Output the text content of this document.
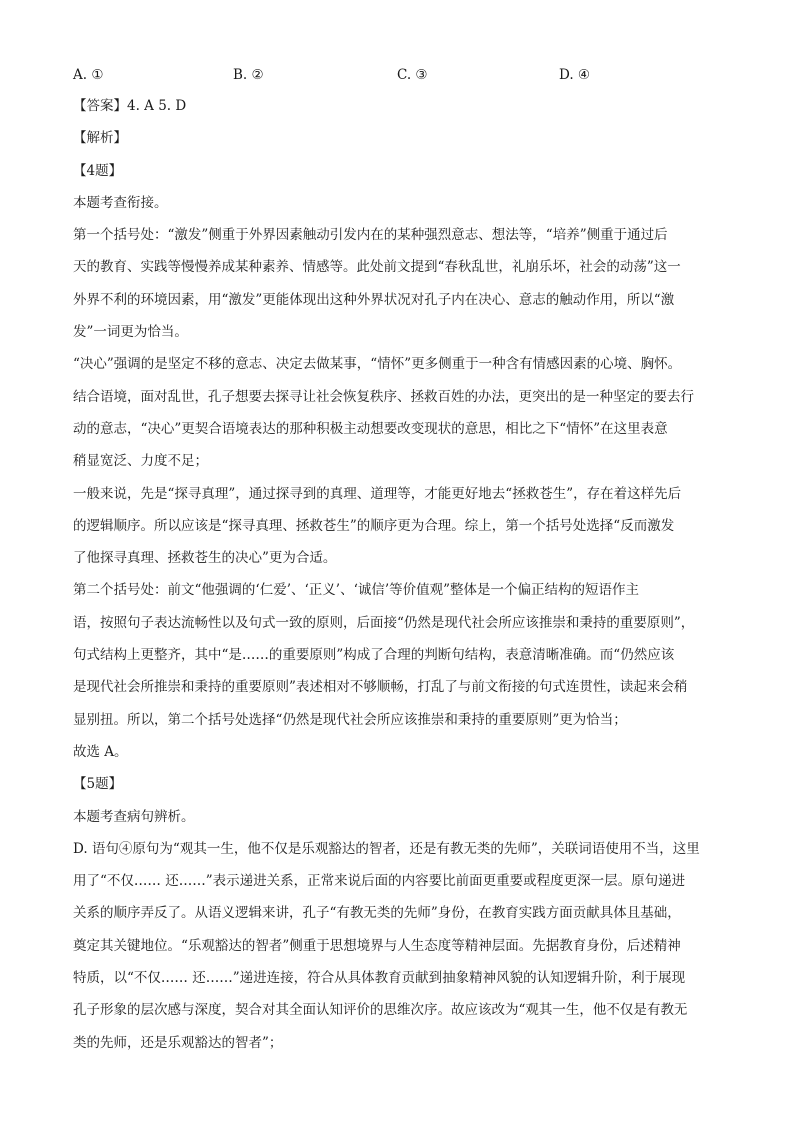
A. ①	B. ②	C. ③	D. ④
【答案】4. A 5. D
【解析】
【4题】
本题考查衔接。
第一个括号处：“激发”侧重于外界因素触动引发内在的某种强烈意志、想法等，“培养”侧重于通过后
天的教育、实践等慢慢养成某种素养、情感等。此处前文提到“春秋乱世，礼崩乐坏，社会的动荡”这一
外界不利的环境因素，用“激发”更能体现出这种外界状况对孔子内在决心、意志的触动作用，所以“激
发”一词更为恰当。
“决心”强调的是坚定不移的意志、决定去做某事，“情怀”更多侧重于一种含有情感因素的心境、胸怀。
结合语境，面对乱世，孔子想要去探寻让社会恢复秩序、拯救百姓的办法，更突出的是一种坚定的要去行
动的意志，“决心”更契合语境表达的那种积极主动想要改变现状的意思，相比之下“情怀”在这里表意
稍显宽泛、力度不足；
一般来说，先是“探寻真理”，通过探寻到的真理、道理等，才能更好地去“拯救苍生”，存在着这样先后
的逻辑顺序。所以应该是“探寻真理、拯救苍生”的顺序更为合理。综上，第一个括号处选择“反而激发
了他探寻真理、拯救苍生的决心”更为合适。
第二个括号处：前文“他强调的‘仁爱’、‘正义’、‘诚信’等价值观”整体是一个偏正结构的短语作主
语，按照句子表达流畅性以及句式一致的原则，后面接“仍然是现代社会所应该推崇和秉持的重要原则”，
句式结构上更整齐，其中“是……的重要原则”构成了合理的判断句结构，表意清晰准确。而“仍然应该
是现代社会所推崇和秉持的重要原则”表述相对不够顺畅，打乱了与前文衔接的句式连贯性，读起来会稍
显别扭。所以，第二个括号处选择“仍然是现代社会所应该推崇和秉持的重要原则”更为恰当；
故选 A。
【5题】
本题考查病句辨析。
D. 语句④原句为“观其一生，他不仅是乐观豁达的智者，还是有教无类的先师”，关联词语使用不当，这里
用了“不仅…… 还……”表示递进关系，正常来说后面的内容要比前面更重要或程度更深一层。原句递进
关系的顺序弄反了。从语义逻辑来讲，孔子“有教无类的先师”身份，在教育实践方面贡献具体且基础，
奠定其关键地位。“乐观豁达的智者”侧重于思想境界与人生态度等精神层面。先据教育身份，后述精神
特质，以“不仅…… 还……”递进连接，符合从具体教育贡献到抽象精神风貌的认知逻辑升阶，利于展现
孔子形象的层次感与深度，契合对其全面认知评价的思维次序。故应该改为“观其一生，他不仅是有教无
类的先师，还是乐观豁达的智者”；
